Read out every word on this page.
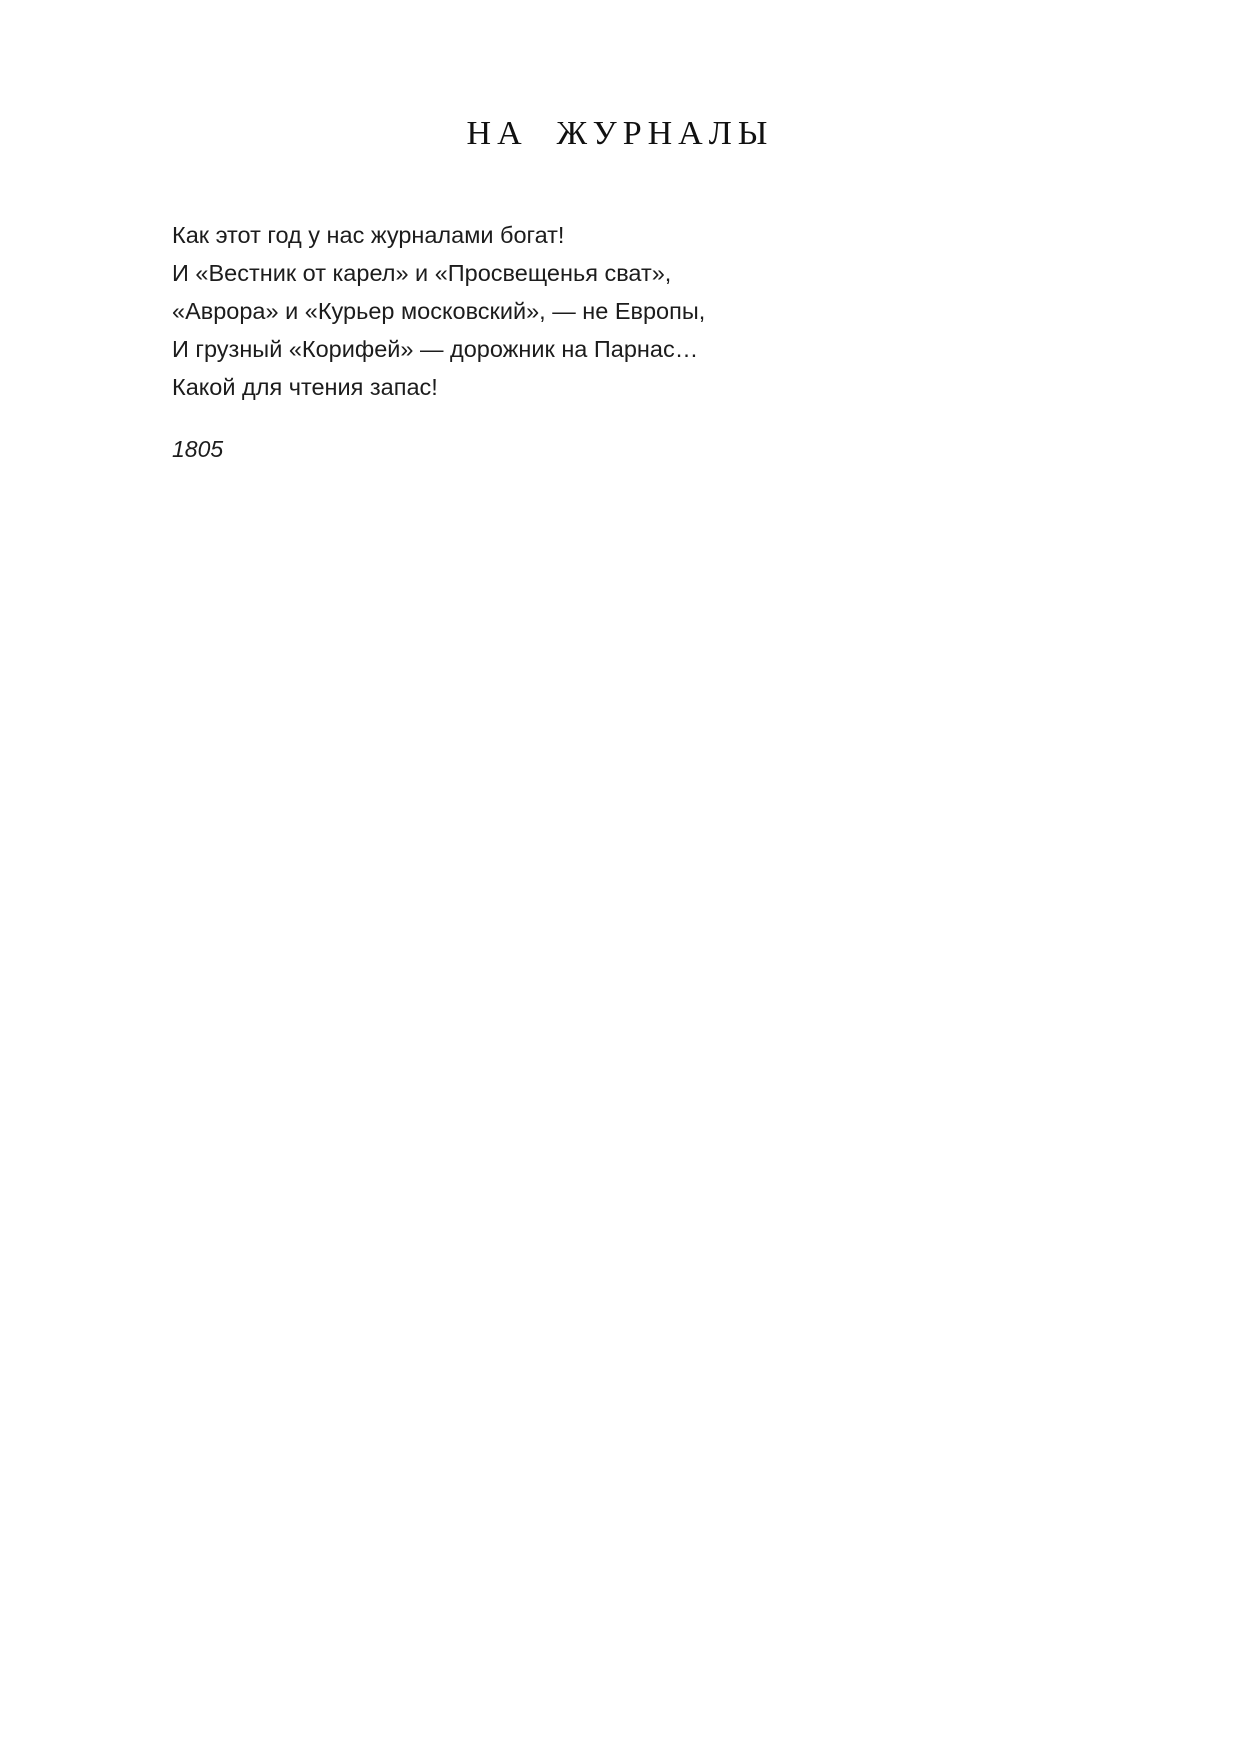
НА  ЖУРНАЛЫ
Как этот год у нас журналами богат!
И «Вестник от карел» и «Просвещенья сват»,
«Аврора» и «Курьер московский», — не Европы,
И грузный «Корифей» — дорожник на Парнас…
Какой для чтения запас!
1805
